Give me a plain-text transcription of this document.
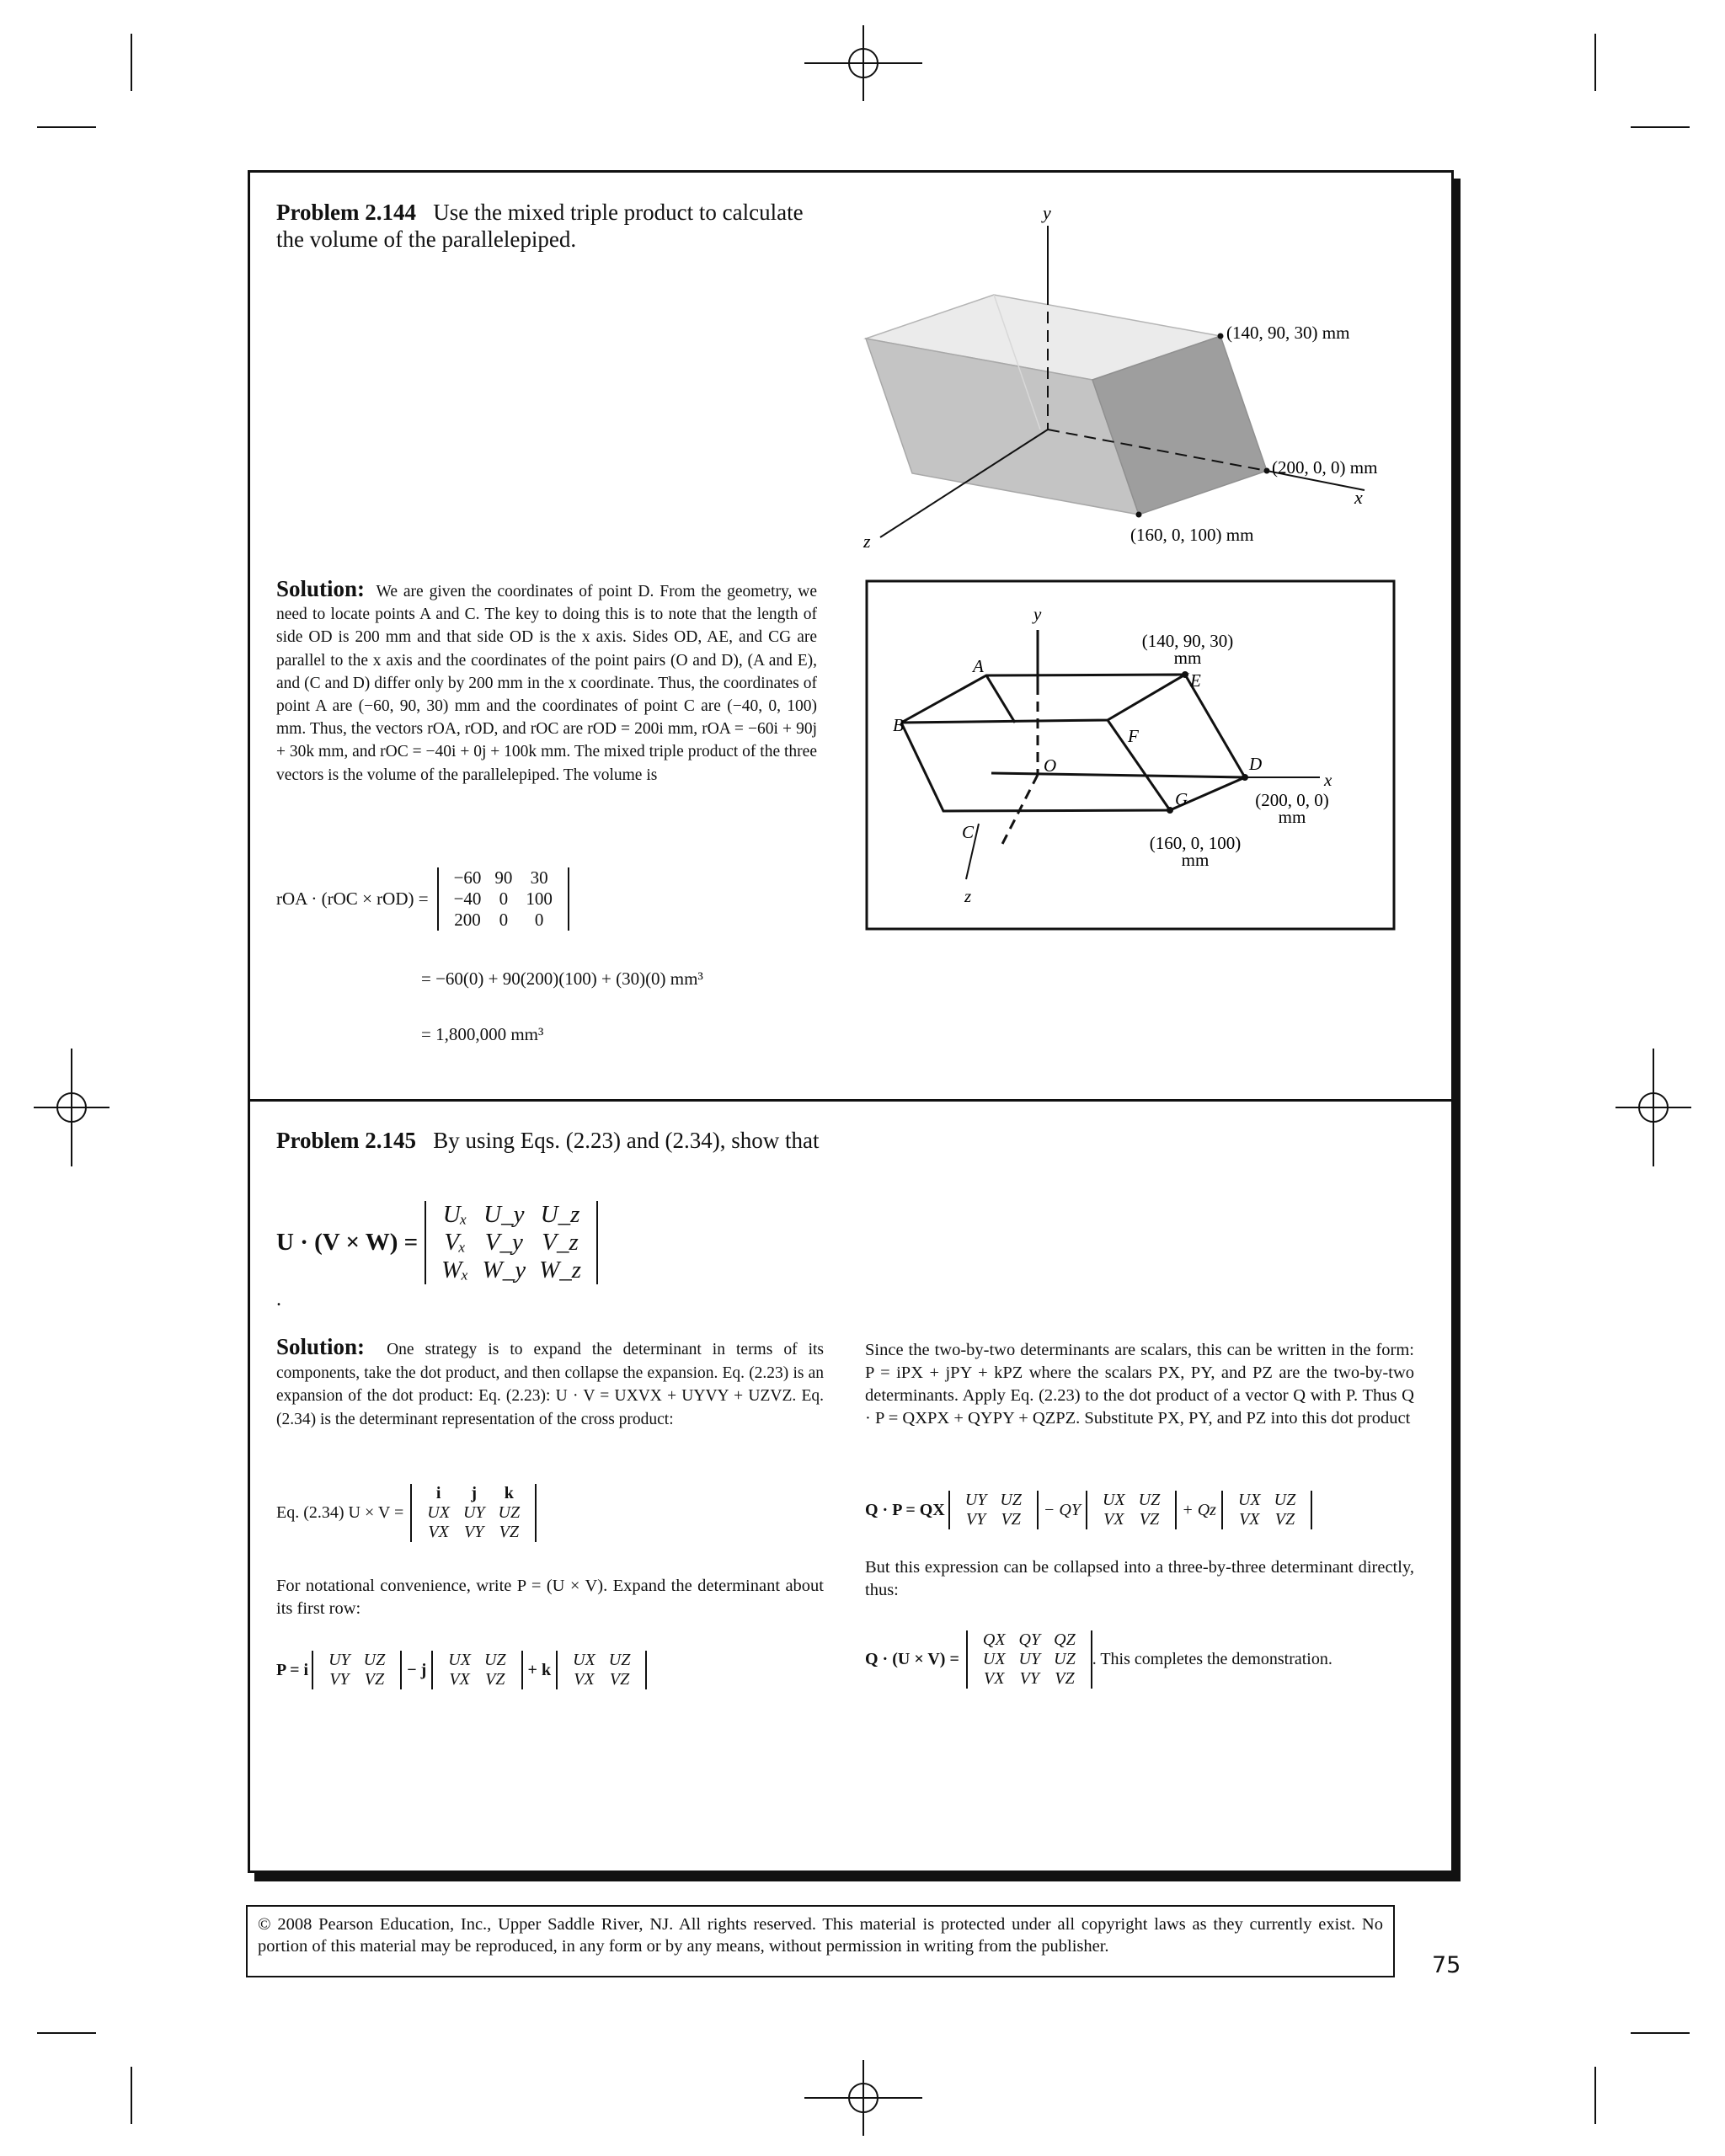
Problem 2.144 Use the mixed triple product to calculate the volume of the parallelepiped.
y
x
z
(140, 90, 30) mm
(200, 0, 0) mm
(160, 0, 100) mm
Solution: We are given the coordinates of point D. From the geometry, we need to locate points A and C. The key to doing this is to note that the length of side OD is 200 mm and that side OD is the x axis. Sides OD, AE, and CG are parallel to the x axis and the coordinates of the point pairs (O and D), (A and E), and (C and D) differ only by 200 mm in the x coordinate. Thus, the coordinates of point A are (−60, 90, 30) mm and the coordinates of point C are (−40, 0, 100) mm. Thus, the vectors rOA, rOD, and rOC are rOD = 200i mm, rOA = −60i + 90j + 30k mm, and rOC = −40i + 0j + 100k mm. The mixed triple product of the three vectors is the volume of the parallelepiped. The volume is
y
x
z
A
B
C
D
E
F
G
O
(140, 90, 30)
mm
(200, 0, 0)
mm
(160, 0, 100)
mm
rOA · (rOC × rOD) =
−60	90	30
−40	0	100
200	0	0
= −60(0) + 90(200)(100) + (30)(0) mm³
= 1,800,000 mm³
Problem 2.145 By using Eqs. (2.23) and (2.34), show that
U · (V × W) =
Uₓ	U_y	U_z
Vₓ	V_y	V_z
Wₓ	W_y	W_z
.
Solution: One strategy is to expand the determinant in terms of its components, take the dot product, and then collapse the expansion. Eq. (2.23) is an expansion of the dot product: Eq. (2.23): U · V = UXVX + UYVY + UZVZ. Eq. (2.34) is the determinant representation of the cross product:
Eq. (2.34) U × V =
i	j	k
UX	UY	UZ
VX	VY	VZ
For notational convenience, write P = (U × V). Expand the determinant about its first row:
P = i
UY	UZ
VY	VZ
− j
UX	UZ
VX	VZ
+ k
UX	UZ
VX	VZ
Since the two-by-two determinants are scalars, this can be written in the form: P = iPX + jPY + kPZ where the scalars PX, PY, and PZ are the two-by-two determinants. Apply Eq. (2.23) to the dot product of a vector Q with P. Thus Q · P = QXPX + QYPY + QZPZ. Substitute PX, PY, and PZ into this dot product
Q · P = QX
UY	UZ
VY	VZ
− QY
UX	UZ
VX	VZ
+ Qz
UX	UZ
VX	VZ
But this expression can be collapsed into a three-by-three determinant directly, thus:
Q · (U × V) =
QX	QY	QZ
UX	UY	UZ
VX	VY	VZ
. This completes the demonstration.
© 2008 Pearson Education, Inc., Upper Saddle River, NJ. All rights reserved. This material is protected under all copyright laws as they currently exist. No portion of this material may be reproduced, in any form or by any means, without permission in writing from the publisher.
75
